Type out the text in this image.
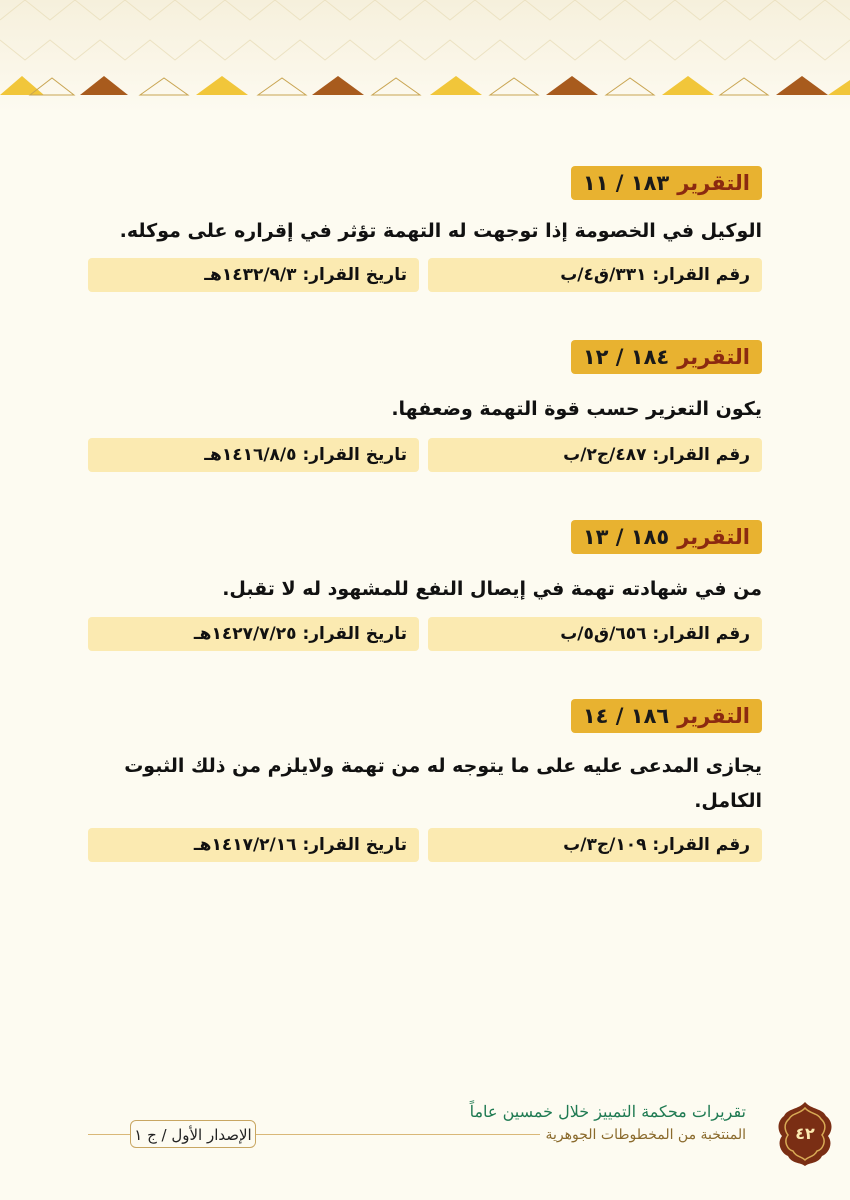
التقرير
١٨٣ / ١١
الوكيل في الخصومة إذا توجهت له التهمة تؤثر في إقراره على موكله.
رقم القرار: ٣٣١/ق٤/ب
تاريخ القرار: ١٤٣٢/٩/٣هـ
التقرير
١٨٤ / ١٢
يكون التعزير حسب قوة التهمة وضعفها.
رقم القرار: ٤٨٧/ج٢/ب
تاريخ القرار: ١٤١٦/٨/٥هـ
التقرير
١٨٥ / ١٣
من في شهادته تهمة في إيصال النفع للمشهود له لا تقبل.
رقم القرار: ٦٥٦/ق٥/ب
تاريخ القرار: ١٤٢٧/٧/٢٥هـ
التقرير
١٨٦ / ١٤
يجازى المدعى عليه على ما يتوجه له من تهمة ولايلزم من ذلك الثبوت الكامل.
رقم القرار: ١٠٩/ج٣/ب
تاريخ القرار: ١٤١٧/٢/١٦هـ
الإصدار الأول / ج ١
تقريرات محكمة التمييز خلال خمسين عاماً
المنتخبة من المخطوطات الجوهرية	٤٢
